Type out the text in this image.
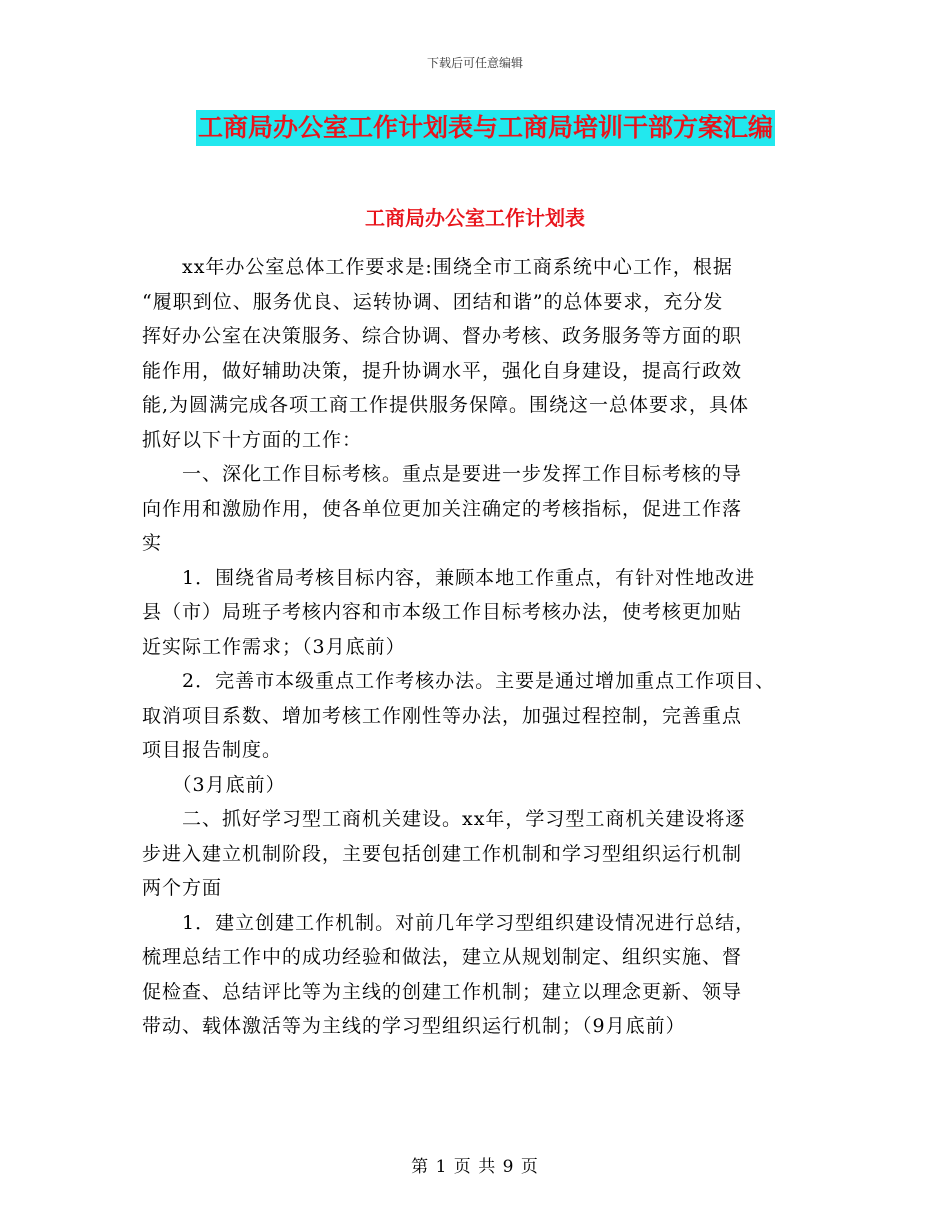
下载后可任意编辑
工商局办公室工作计划表与工商局培训干部方案汇编
工商局办公室工作计划表

　　xx年办公室总体工作要求是:围绕全市工商系统中心工作，根据
“履职到位、服务优良、运转协调、团结和谐”的总体要求，充分发
挥好办公室在决策服务、综合协调、督办考核、政务服务等方面的职
能作用，做好辅助决策，提升协调水平，强化自身建设，提高行政效
能,为圆满完成各项工商工作提供服务保障。围绕这一总体要求，具体
抓好以下十方面的工作：

　　一、深化工作目标考核。重点是要进一步发挥工作目标考核的导
向作用和激励作用，使各单位更加关注确定的考核指标，促进工作落
实

　　1．围绕省局考核目标内容，兼顾本地工作重点，有针对性地改进
县（市）局班子考核内容和市本级工作目标考核办法，使考核更加贴
近实际工作需求；（3月底前）

　　2．完善市本级重点工作考核办法。主要是通过增加重点工作项目、
取消项目系数、增加考核工作刚性等办法，加强过程控制，完善重点
项目报告制度。

　　（3月底前）

　　二、抓好学习型工商机关建设。xx年，学习型工商机关建设将逐
步进入建立机制阶段，主要包括创建工作机制和学习型组织运行机制
两个方面

　　1．建立创建工作机制。对前几年学习型组织建设情况进行总结，
梳理总结工作中的成功经验和做法，建立从规划制定、组织实施、督
促检查、总结评比等为主线的创建工作机制；建立以理念更新、领导
带动、载体激活等为主线的学习型组织运行机制；（9月底前）

第 1 页 共 9 页
